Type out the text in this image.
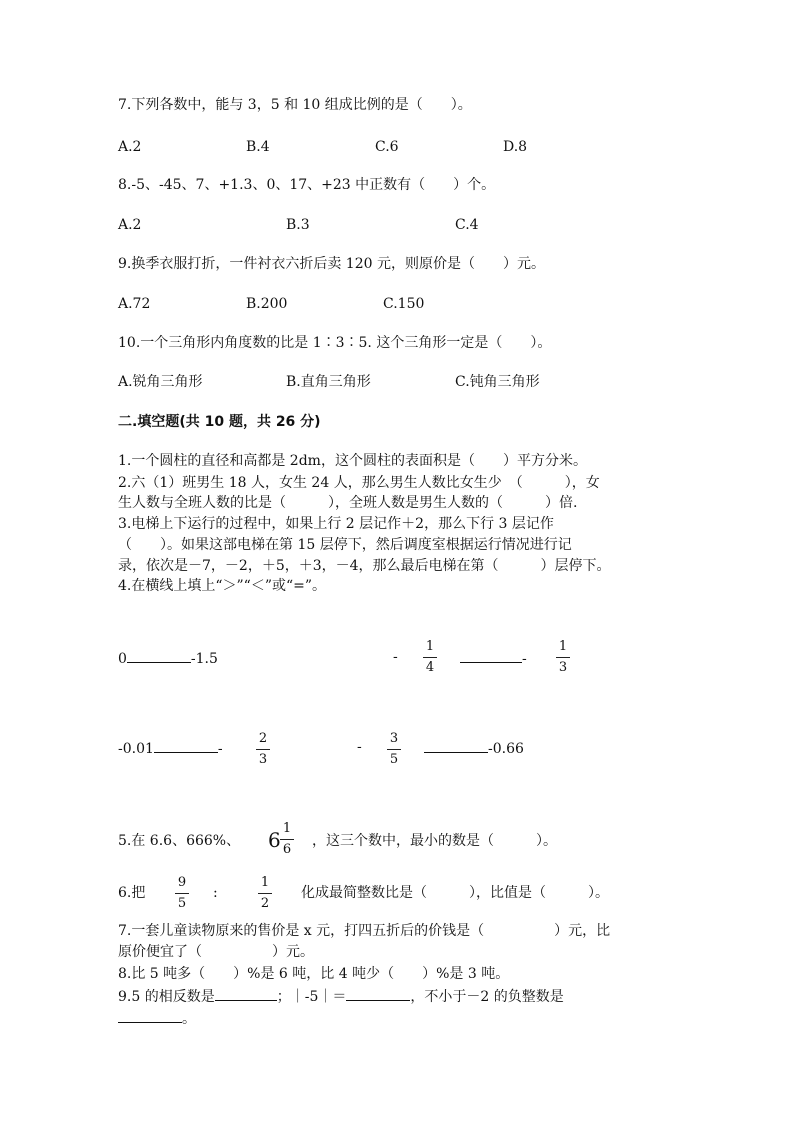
7.下列各数中，能与 3，5 和 10 组成比例的是（　　）。
A.2	B.4	C.6	D.8
8.-5、-45、7、+1.3、0、17、+23 中正数有（　　）个。
A.2	B.3	C.4
9.换季衣服打折，一件衬衣六折后卖 120 元，则原价是（　　）元。
A.72	B.200	C.150
10.一个三角形内角度数的比是 1∶3∶5. 这个三角形一定是（　　）。
A.锐角三角形	B.直角三角形	C.钝角三角形
二.填空题(共 10 题，共 26 分)
1.一个圆柱的直径和高都是 2dm，这个圆柱的表面积是（　　）平方分米。
2.六（1）班男生 18 人，女生 24 人，那么男生人数比女生少　（　　　），女
生人数与全班人数的比是（　　　），全班人数是男生人数的（　　　）倍.
3.电梯上下运行的过程中，如果上行 2 层记作＋2，那么下行 3 层记作
（　　）。如果这部电梯在第 15 层停下，然后调度室根据运行情况进行记
录，依次是－7，－2，＋5，＋3，－4，那么最后电梯在第（　　　）层停下。
4.在横线上填上“＞”“＜”或“=”。
0	-1.5	-
1
4
-
1
3
-0.01	-
2
3
-
3
5
-0.66
5.在 6.6、666%、 6 1
6
，这三个数中，最小的数是（　　　）。
6.把
9
5
:
1
2
化成最简整数比是（　　　），比值是（　　　）。
7.一套儿童读物原来的售价是 x 元，打四五折后的价钱是（　　　　　）元，比
原价便宜了（　　　　　）元。
8.比 5 吨多（　　）%是 6 吨，比 4 吨少（　　）%是 3 吨。
9.5 的相反数是	；｜-5｜＝	，不小于－2 的负整数是
。
